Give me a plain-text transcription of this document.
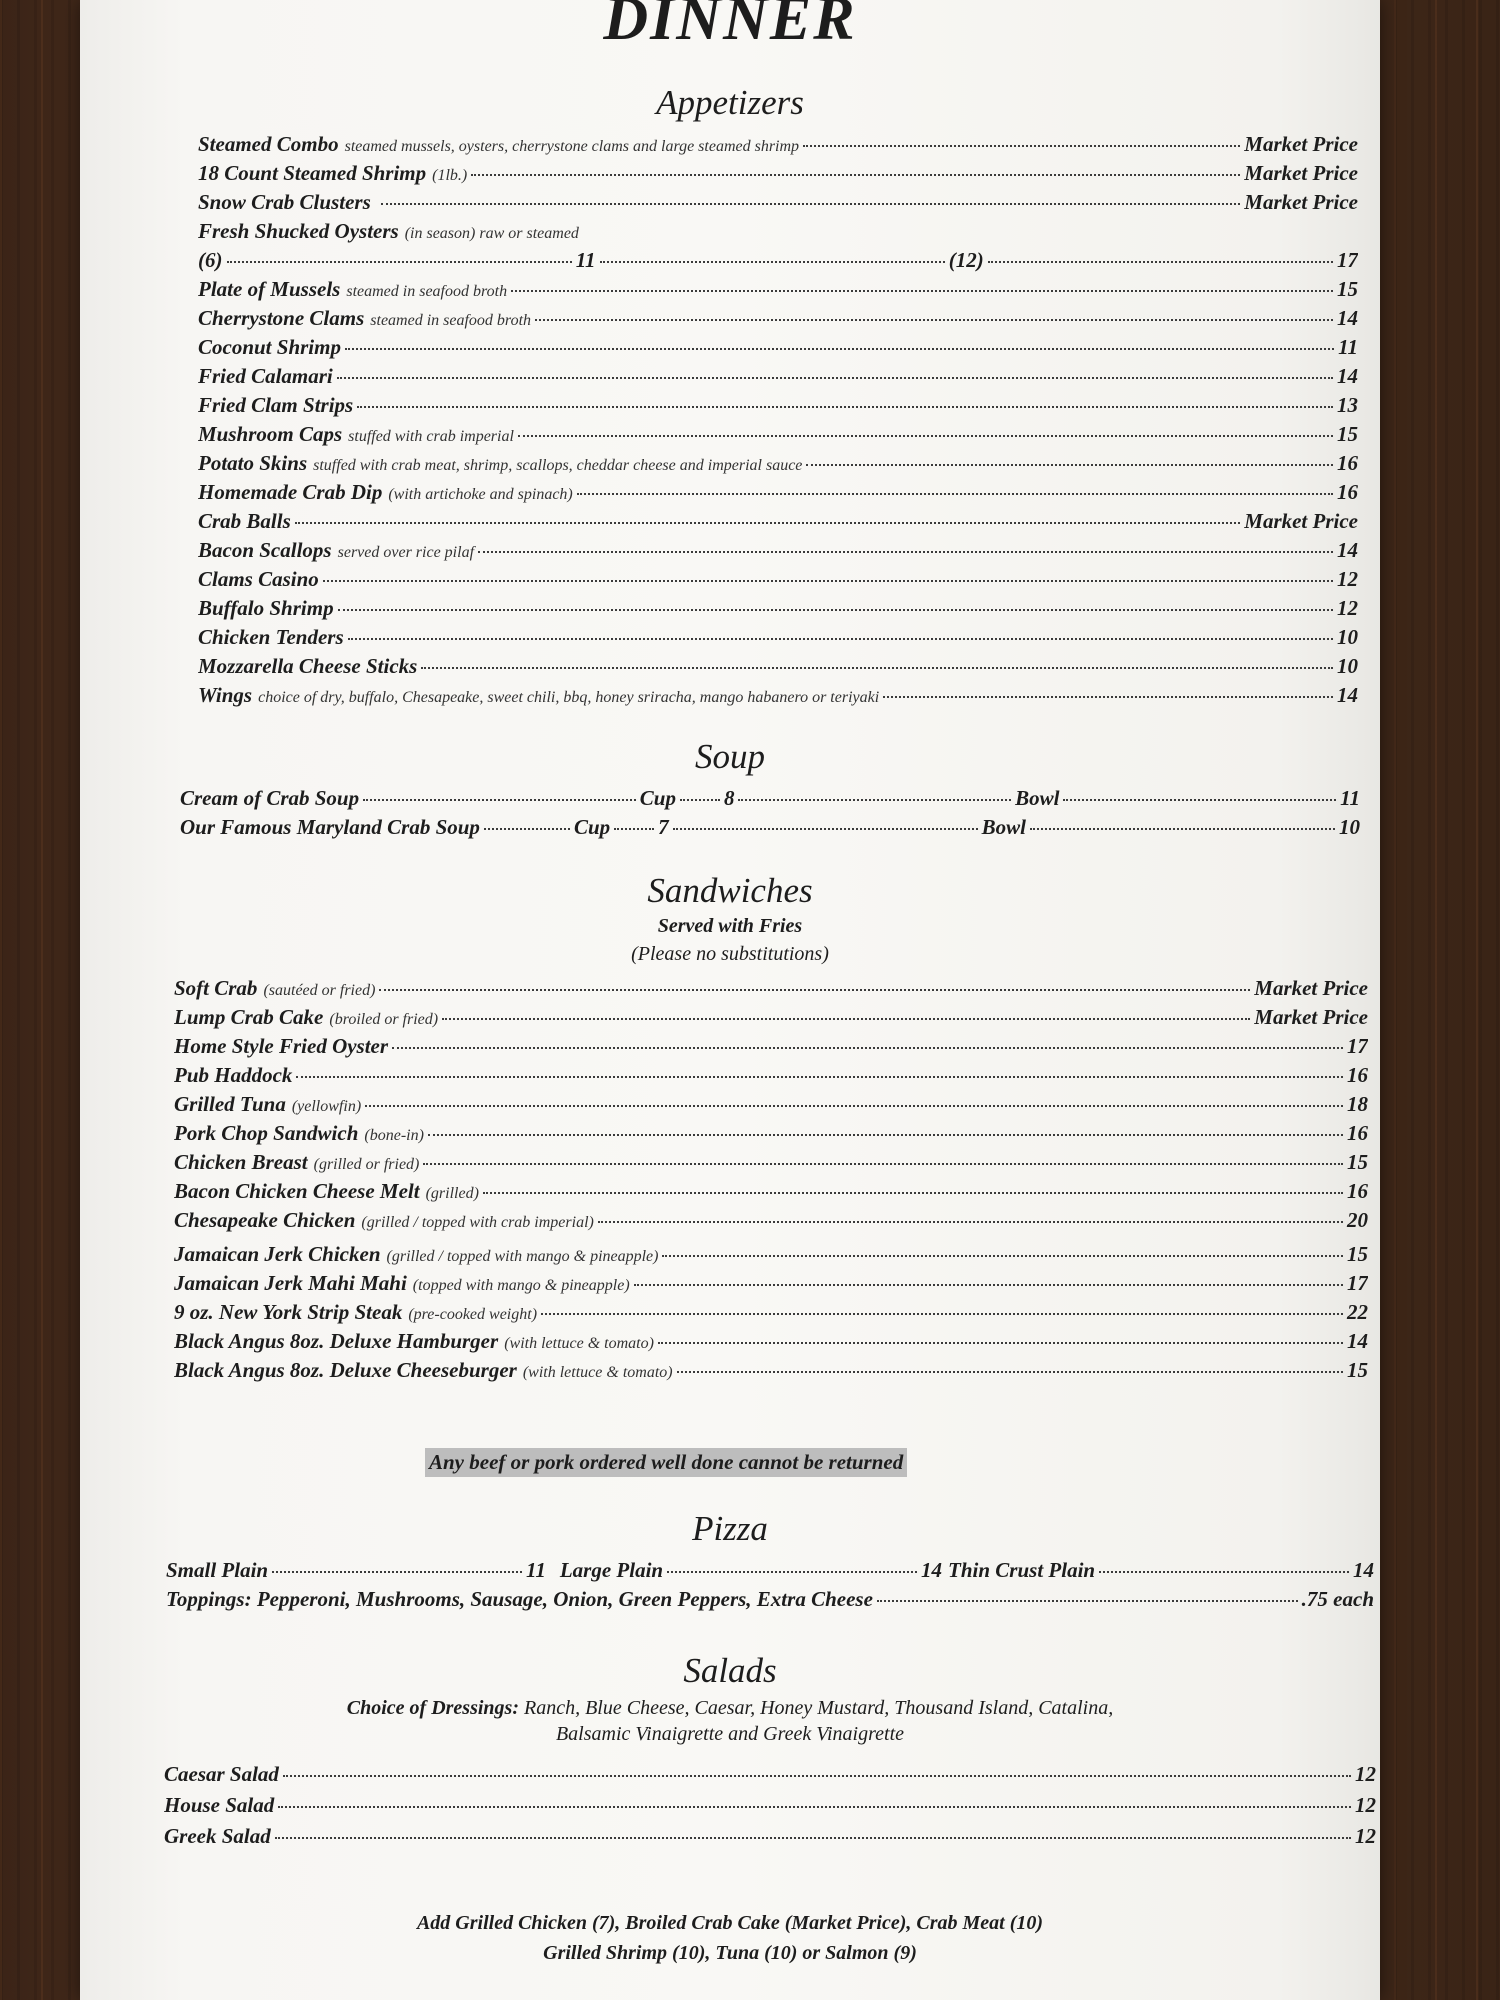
DINNER
Appetizers
Steamed Combo steamed mussels, oysters, cherrystone clams and large steamed shrimp	Market Price
18 Count Steamed Shrimp (1lb.)	Market Price
Snow Crab Clusters	Market Price
Fresh Shucked Oysters (in season) raw or steamed
(6)	11	(12)	17
Plate of Mussels steamed in seafood broth	15
Cherrystone Clams steamed in seafood broth	14
Coconut Shrimp	11
Fried Calamari	14
Fried Clam Strips	13
Mushroom Caps stuffed with crab imperial	15
Potato Skins stuffed with crab meat, shrimp, scallops, cheddar cheese and imperial sauce	16
Homemade Crab Dip (with artichoke and spinach)	16
Crab Balls	Market Price
Bacon Scallops served over rice pilaf	14
Clams Casino	12
Buffalo Shrimp	12
Chicken Tenders	10
Mozzarella Cheese Sticks	10
Wings choice of dry, buffalo, Chesapeake, sweet chili, bbq, honey sriracha, mango habanero or teriyaki	14
Soup
Cream of Crab Soup	Cup 8	Bowl	11
Our Famous Maryland Crab Soup	Cup 7	Bowl	10
Sandwiches

Served with Fries

(Please no substitutions)

Soft Crab (sautéed or fried)	Market Price
Lump Crab Cake (broiled or fried)	Market Price
Home Style Fried Oyster	17
Pub Haddock	16
Grilled Tuna (yellowfin)	18
Pork Chop Sandwich (bone-in)	16
Chicken Breast (grilled or fried)	15
Bacon Chicken Cheese Melt (grilled)	16
Chesapeake Chicken (grilled / topped with crab imperial)	20
Jamaican Jerk Chicken (grilled / topped with mango & pineapple)	15
Jamaican Jerk Mahi Mahi (topped with mango & pineapple)	17
9 oz. New York Strip Steak (pre-cooked weight)	22
Black Angus 8oz. Deluxe Hamburger (with lettuce & tomato)	14
Black Angus 8oz. Deluxe Cheeseburger (with lettuce & tomato)	15
Any beef or pork ordered well done cannot be returned
Pizza
Small Plain	11 Large Plain	14 Thin Crust Plain	14
Toppings: Pepperoni, Mushrooms, Sausage, Onion, Green Peppers, Extra Cheese	.75 each
Salads

Choice of Dressings: Ranch, Blue Cheese, Caesar, Honey Mustard, Thousand Island, Catalina,

Balsamic Vinaigrette and Greek Vinaigrette

Caesar Salad	12
House Salad	12
Greek Salad	12
Add Grilled Chicken (7), Broiled Crab Cake (Market Price), Crab Meat (10)
Grilled Shrimp (10), Tuna (10) or Salmon (9)
